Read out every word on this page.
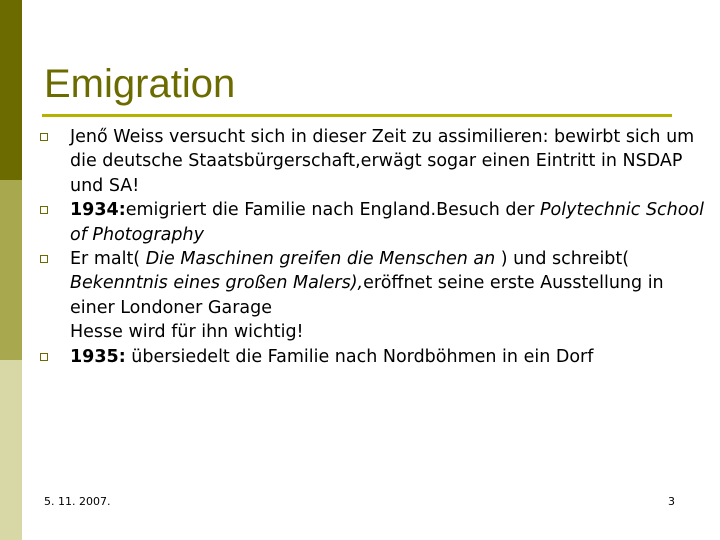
Emigration
Jenő Weiss versucht sich in dieser Zeit zu assimilieren: bewirbt sich um die deutsche Staatsbürgerschaft,erwägt sogar einen Eintritt in NSDAP und SA!
1934:emigriert die Familie nach England.Besuch der Polytechnic School of Photography
Er malt( Die Maschinen greifen die Menschen an ) und schreibt( Bekenntnis eines großen Malers),eröffnet seine erste Ausstellung in einer Londoner Garage
Hesse wird für ihn wichtig!
1935: übersiedelt die Familie nach Nordböhmen in ein Dorf
5. 11. 2007.	3
